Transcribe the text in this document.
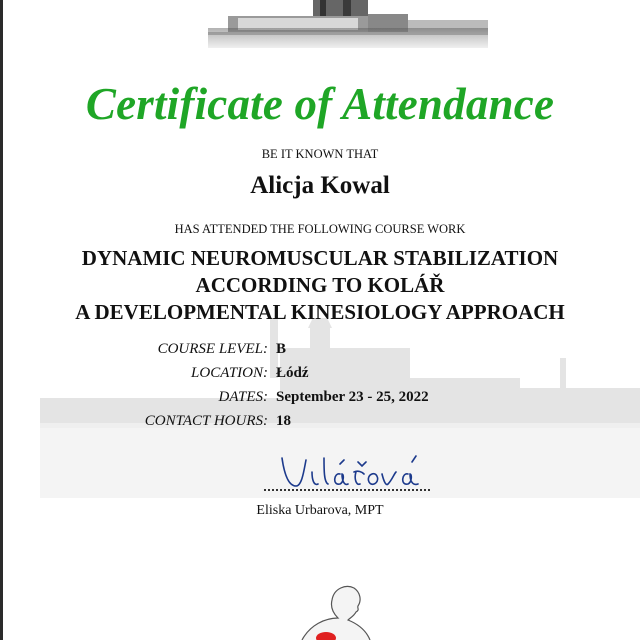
Certificate of Attendance
BE IT KNOWN THAT
Alicja Kowal
HAS ATTENDED THE FOLLOWING COURSE WORK
DYNAMIC NEUROMUSCULAR STABILIZATION
ACCORDING TO KOLÁŘ
A DEVELOPMENTAL KINESIOLOGY APPROACH
COURSE LEVEL: B
LOCATION: Łódź
DATES: September 23 - 25, 2022
CONTACT HOURS: 18
Eliska Urbarova, MPT
